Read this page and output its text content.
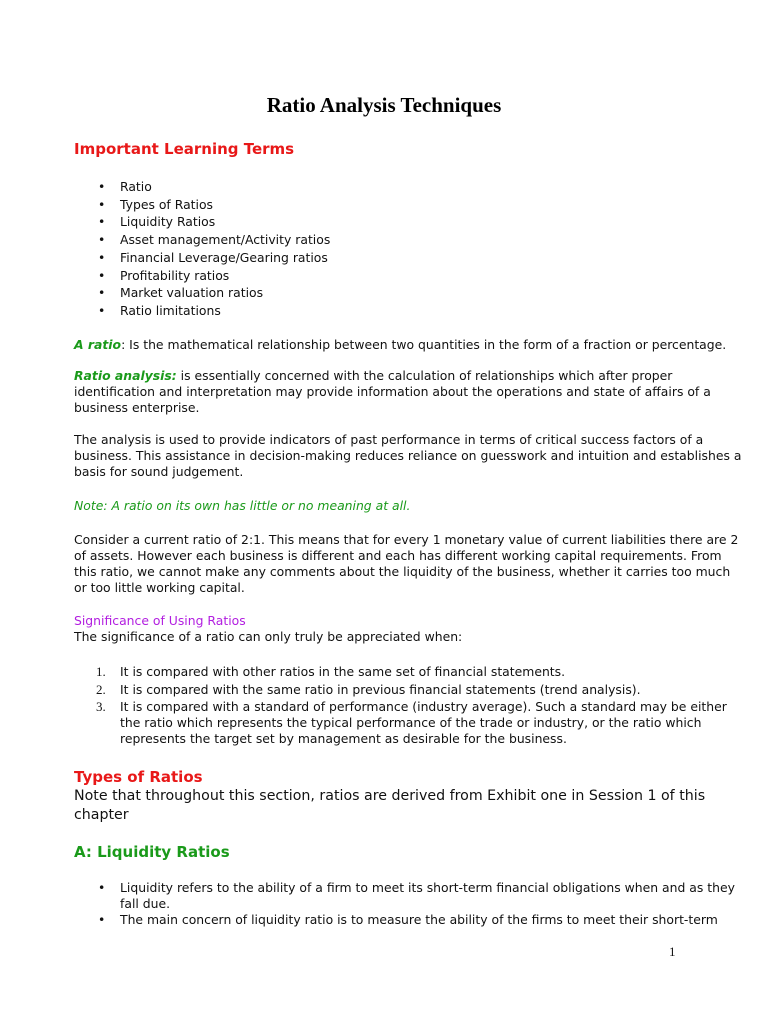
Ratio Analysis Techniques
Important Learning Terms
• Ratio
• Types of Ratios
• Liquidity Ratios
• Asset management/Activity ratios
• Financial Leverage/Gearing ratios
• Profitability ratios
• Market valuation ratios
• Ratio limitations

A ratio: Is the mathematical relationship between two quantities in the form of a fraction or percentage.

Ratio analysis: is essentially concerned with the calculation of relationships which after proper identification and interpretation may provide information about the operations and state of affairs of a business enterprise.

The analysis is used to provide indicators of past performance in terms of critical success factors of a business. This assistance in decision-making reduces reliance on guesswork and intuition and establishes a basis for sound judgement.

Note: A ratio on its own has little or no meaning at all.

Consider a current ratio of 2:1. This means that for every 1 monetary value of current liabilities there are 2 of assets. However each business is different and each has different working capital requirements. From this ratio, we cannot make any comments about the liquidity of the business, whether it carries too much or too little working capital.

Significance of Using Ratios

The significance of a ratio can only truly be appreciated when:

1. It is compared with other ratios in the same set of financial statements.
2. It is compared with the same ratio in previous financial statements (trend analysis).
3. It is compared with a standard of performance (industry average). Such a standard may be either the ratio which represents the typical performance of the trade or industry, or the ratio which represents the target set by management as desirable for the business.
Types of Ratios

Note that throughout this section, ratios are derived from Exhibit one in Session 1 of this chapter

A: Liquidity Ratios
• Liquidity refers to the ability of a firm to meet its short-term financial obligations when and as they fall due.
• The main concern of liquidity ratio is to measure the ability of the firms to meet their short-term
1
